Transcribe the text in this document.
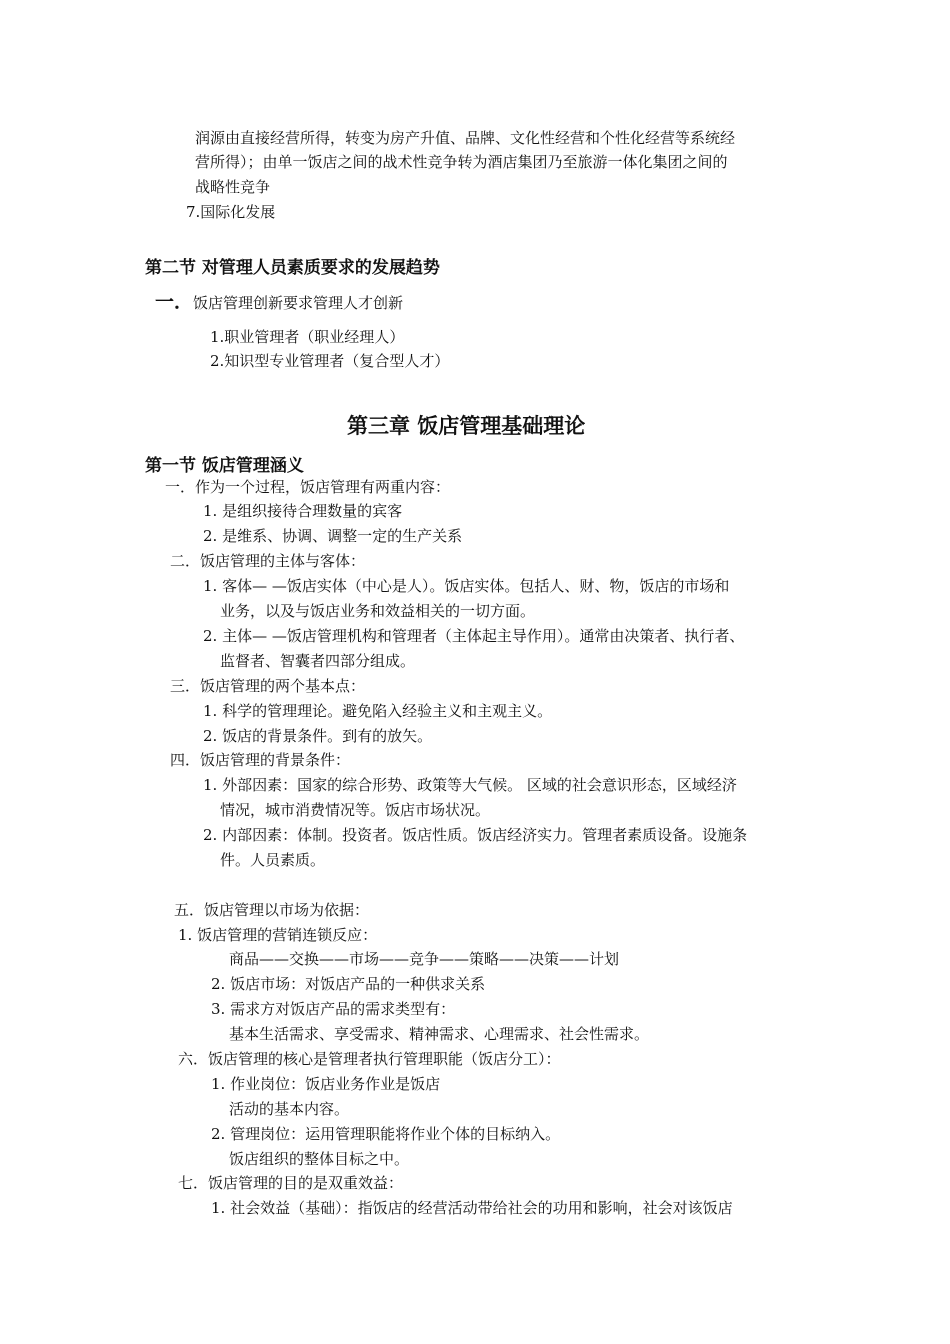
润源由直接经营所得，转变为房产升值、品牌、文化性经营和个性化经营等系统经
营所得）；由单一饭店之间的战术性竞争转为酒店集团乃至旅游一体化集团之间的
战略性竞争
7.国际化发展
第二节 对管理人员素质要求的发展趋势
一．饭店管理创新要求管理人才创新
1.职业管理者（职业经理人）
2.知识型专业管理者（复合型人才）
第三章 饭店管理基础理论
第一节 饭店管理涵义
一．作为一个过程，饭店管理有两重内容：
1. 是组织接待合理数量的宾客
2. 是维系、协调、调整一定的生产关系
二．饭店管理的主体与客体：
1. 客体— —饭店实体（中心是人）。饭店实体。包括人、财、物，饭店的市场和
业务，以及与饭店业务和效益相关的一切方面。
2. 主体— —饭店管理机构和管理者（主体起主导作用）。通常由决策者、执行者、
监督者、智囊者四部分组成。
三．饭店管理的两个基本点：
1. 科学的管理理论。避免陷入经验主义和主观主义。
2. 饭店的背景条件。到有的放矢。
四．饭店管理的背景条件：
1. 外部因素：国家的综合形势、政策等大气候。 区域的社会意识形态，区域经济
情况，城市消费情况等。饭店市场状况。
2. 内部因素：体制。投资者。饭店性质。饭店经济实力。管理者素质设备。设施条
件。人员素质。
五．饭店管理以市场为依据：
1. 饭店管理的营销连锁反应：
商品——交换——市场——竞争——策略——决策——计划
2. 饭店市场：对饭店产品的一种供求关系
3. 需求方对饭店产品的需求类型有：
基本生活需求、享受需求、精神需求、心理需求、社会性需求。
六．饭店管理的核心是管理者执行管理职能（饭店分工）：
1. 作业岗位：饭店业务作业是饭店
活动的基本内容。
2. 管理岗位：运用管理职能将作业个体的目标纳入。
饭店组织的整体目标之中。
七．饭店管理的目的是双重效益：
1. 社会效益（基础）：指饭店的经营活动带给社会的功用和影响，社会对该饭店
